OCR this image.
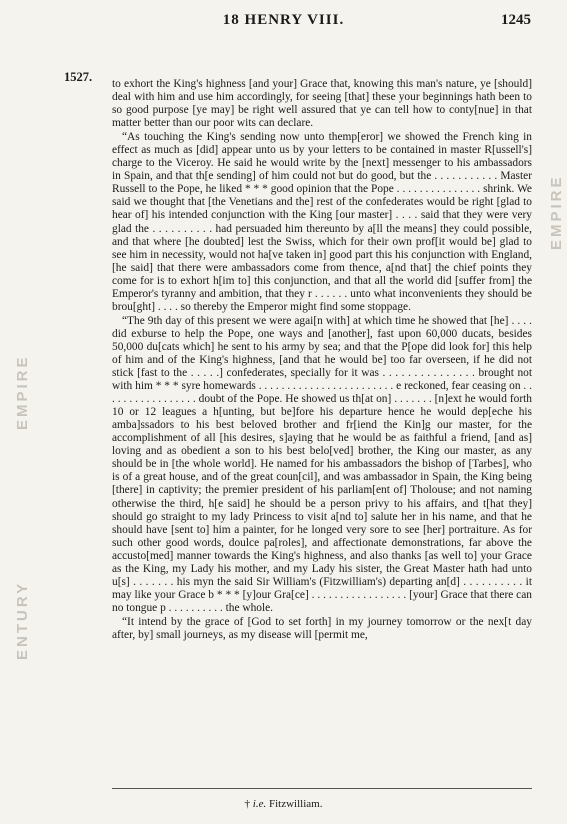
18 HENRY VIII.	1245
1527.
EMPIRE
ENTURY
EMPIRE

to exhort the King's highness [and your] Grace that, knowing this man's nature, ye [should] deal with him and use him accordingly, for seeing [that] these your beginnings hath been to so good purpose [ye may] be right well assured that ye can tell how to conty[nue] in that matter better than our poor wits can declare.

“As touching the King's sending now unto themp[eror] we showed the French king in effect as much as [did] appear unto us by your letters to be contained in master R[ussell's] charge to the Viceroy. He said he would write by the [next] messenger to his ambassadors in Spain, and that th[e sending] of him could not but do good, but the . . . . . . . . . . . Master Russell to the Pope, he liked * * * good opinion that the Pope . . . . . . . . . . . . . . . shrink. We said we thought that [the Venetians and the] rest of the confederates would be right [glad to hear of] his intended conjunction with the King [our master] . . . . said that they were very glad the . . . . . . . . . . had persuaded him thereunto by a[ll the means] they could possible, and that where [he doubted] lest the Swiss, which for their own prof[it would be] glad to see him in necessity, would not ha[ve taken in] good part this his conjunction with England, [he said] that there were ambassadors come from thence, a[nd that] the chief points they come for is to exhort h[im to] this conjunction, and that all the world did [suffer from] the Emperor's tyranny and ambition, that they r . . . . . . unto what inconvenients they should be brou[ght] . . . . so thereby the Emperor might find some stoppage.

“The 9th day of this present we were agai[n with] at which time he showed that [he] . . . . did exburse to help the Pope, one ways and [another], fast upon 60,000 ducats, besides 50,000 du[cats which] he sent to his army by sea; and that the P[ope did look for] this help of him and of the King's highness, [and that he would be] too far overseen, if he did not stick [fast to the . . . . .] confederates, specially for it was . . . . . . . . . . . . . . . brought not with him * * * syre homewards . . . . . . . . . . . . . . . . . . . . . . . . e reckoned, fear ceasing on . . . . . . . . . . . . . . . . . doubt of the Pope. He showed us th[at on] . . . . . . . [n]ext he would forth 10 or 12 leagues a h[unting, but be]fore his departure hence he would dep[eche his amba]ssadors to his best beloved brother and fr[iend the Kin]g our master, for the accomplishment of all [his desires, s]aying that he would be as faithful a friend, [and as] loving and as obedient a son to his best belo[ved] brother, the King our master, as any should be in [the whole world]. He named for his ambassadors the bishop of [Tarbes], who is of a great house, and of the great coun[cil], and was ambassador in Spain, the King being [there] in captivity; the premier president of his parliam[ent of] Tholouse; and not naming otherwise the third, h[e said] he should be a person privy to his affairs, and t[hat they] should go straight to my lady Princess to visit a[nd to] salute her in his name, and that he should have [sent to] him a painter, for he longed very sore to see [her] portraiture. As for such other good words, doulce pa[roles], and affectionate demonstrations, far above the accusto[med] manner towards the King's highness, and also thanks [as well to] your Grace as the King, my Lady his mother, and my Lady his sister, the Great Master hath had unto u[s] . . . . . . . his myn the said Sir William's (Fitzwilliam's) departing an[d] . . . . . . . . . . it may like your Grace b * * * [y]our Gra[ce] . . . . . . . . . . . . . . . . . [your] Grace that there can no tongue p . . . . . . . . . . the whole.

“It intend by the grace of [God to set forth] in my journey tomorrow or the nex[t day after, by] small journeys, as my disease will [permit me,

† i.e. Fitzwilliam.
